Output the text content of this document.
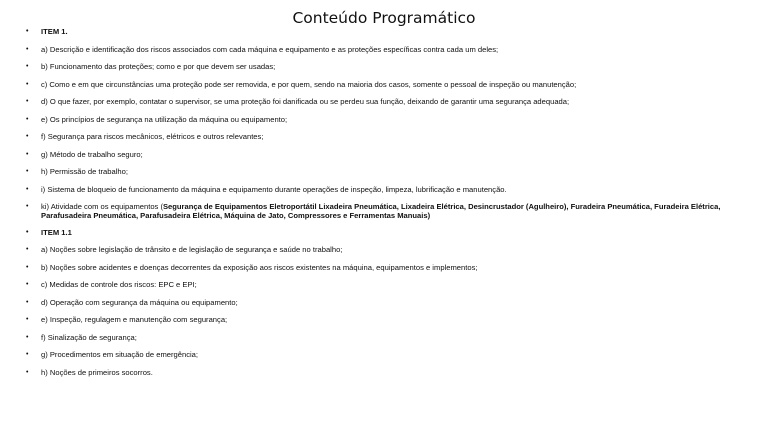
Conteúdo Programático
• ITEM 1.
• a) Descrição e identificação dos riscos associados com cada máquina e equipamento e as proteções específicas contra cada um deles;
• b) Funcionamento das proteções; como e por que devem ser usadas;
• c) Como e em que circunstâncias uma proteção pode ser removida, e por quem, sendo na maioria dos casos, somente o pessoal de inspeção ou manutenção;
• d) O que fazer, por exemplo, contatar o supervisor, se uma proteção foi danificada ou se perdeu sua função, deixando de garantir uma segurança adequada;
• e) Os princípios de segurança na utilização da máquina ou equipamento;
• f) Segurança para riscos mecânicos, elétricos e outros relevantes;
• g) Método de trabalho seguro;
• h) Permissão de trabalho;
• i) Sistema de bloqueio de funcionamento da máquina e equipamento durante operações de inspeção, limpeza, lubrificação e manutenção.
• ki) Atividade com os equipamentos (Segurança de Equipamentos Eletroportátil Lixadeira Pneumática, Lixadeira Elétrica, Desincrustador (Agulheiro), Furadeira Pneumática, Furadeira Elétrica, Parafusadeira Pneumática, Parafusadeira Elétrica, Máquina de Jato, Compressores e Ferramentas Manuais)
• ITEM 1.1
• a) Noções sobre legislação de trânsito e de legislação de segurança e saúde no trabalho;
• b) Noções sobre acidentes e doenças decorrentes da exposição aos riscos existentes na máquina, equipamentos e implementos;
• c) Medidas de controle dos riscos: EPC e EPI;
• d) Operação com segurança da máquina ou equipamento;
• e) Inspeção, regulagem e manutenção com segurança;
• f) Sinalização de segurança;
• g) Procedimentos em situação de emergência;
• h) Noções de primeiros socorros.
